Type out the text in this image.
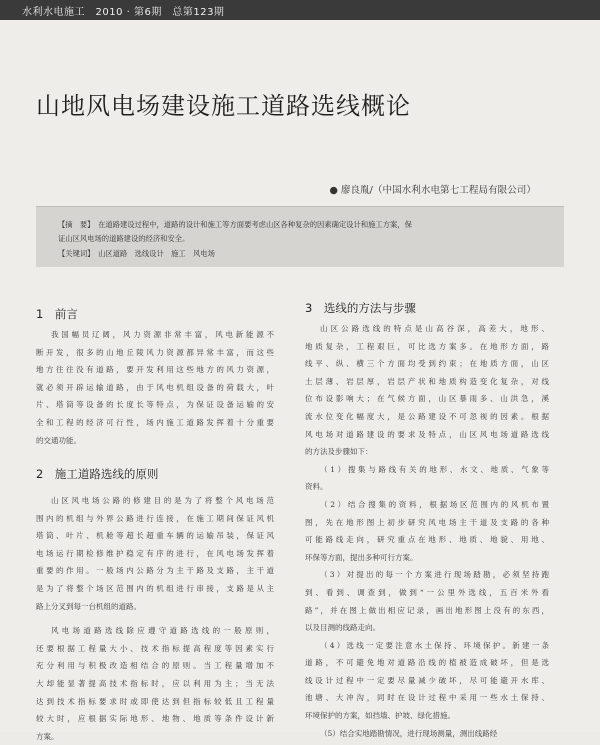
水利水电施工　2010 · 第6期　总第123期
山地风电场建设施工道路选线概论
● 廖良胤/（中国水利水电第七工程局有限公司）

【摘　要】　在道路建设过程中，道路的设计和施工等方面要考虑山区各种复杂的因素确定设计和施工方案，保

证山区风电场的道路建设的经济和安全。

【关键词】　山区道路　选线设计　施工　风电场

1　前言

我国幅员辽阔，风力资源非常丰富，风电新能源不

断开发，很多的山地丘陵风力资源都异常丰富，而这些

地方往往没有道路，要开发利用这些地方的风力资源，

就必须开辟运输道路，由于风电机组设备的荷载大，叶

片、塔筒等设备的长度长等特点，为保证设备运输的安

全和工程的经济可行性，场内施工道路发挥着十分重要

的交通功能。

2　施工道路选线的原则

山区风电场公路的修建目的是为了将整个风电场范

围内的机组与外界公路进行连接，在施工期间保证风机

塔筒、叶片、机舱等超长超重车辆的运输吊装，保证风

电场运行期检修维护稳定有序的进行，在风电场发挥着

重要的作用。一般场内公路分为主干路及支路，主干道

是为了将整个场区范围内的机组进行串接，支路是从主

路上分叉到每一台机组的道路。

风电场道路选线除应遵守道路选线的一般原则，

还要根据工程量大小、技术指标提高程度等因素实行

充分利用与积极改造相结合的原则。当工程量增加不

大却能显著提高技术指标时，应以利用为主；当无法

达到技术指标要求时或即使达到但指标较低且工程量

较大时，应根据实际地形、地物、地质等条件设计新

方案。

3　选线的方法与步骤

山区公路选线的特点是山高谷深，高差大，地形、

地质复杂，工程艰巨，可比选方案多。在地形方面，路

线平、纵、横三个方面均受到约束；在地质方面，山区

土层薄、岩层厚，岩层产状和地质构造变化复杂，对线

位布设影响大；在气候方面，山区暴雨多、山洪急，溪

流水位变化幅度大，是公路建设不可忽视的因素。根据

风电场对道路建设的要求及特点，山区风电场道路选线

的方法及步骤如下：

（1）搜集与路线有关的地形、水文、地质、气象等

资料。

（2）结合搜集的资料，根据场区范围内的风机布置

图，先在地形图上初步研究风电场主干道及支路的各种

可能路线走向，研究重点在地形、地质、地貌、用地、

环保等方面，提出多种可行方案。

（3）对提出的每一个方案进行现场踏勘，必须坚持跑

到、看到、调查到，做到“一公里外选线，五百米外看

路”，并在图上做出相应记录，画出地形图上没有的东西，

以及目测的线路走向。

（4）选线一定要注意水土保持、环境保护。新建一条

道路，不可避免地对道路沿线的植被造成破坏，但是选

线设计过程中一定要尽量减少破坏，尽可能避开水库、

池塘、大冲沟，同时在设计过程中采用一些水土保持、

环境保护的方案，如挡墙、护坡、绿化措施。

（5）结合实地踏勘情况，进行现场测量，测出线路经
